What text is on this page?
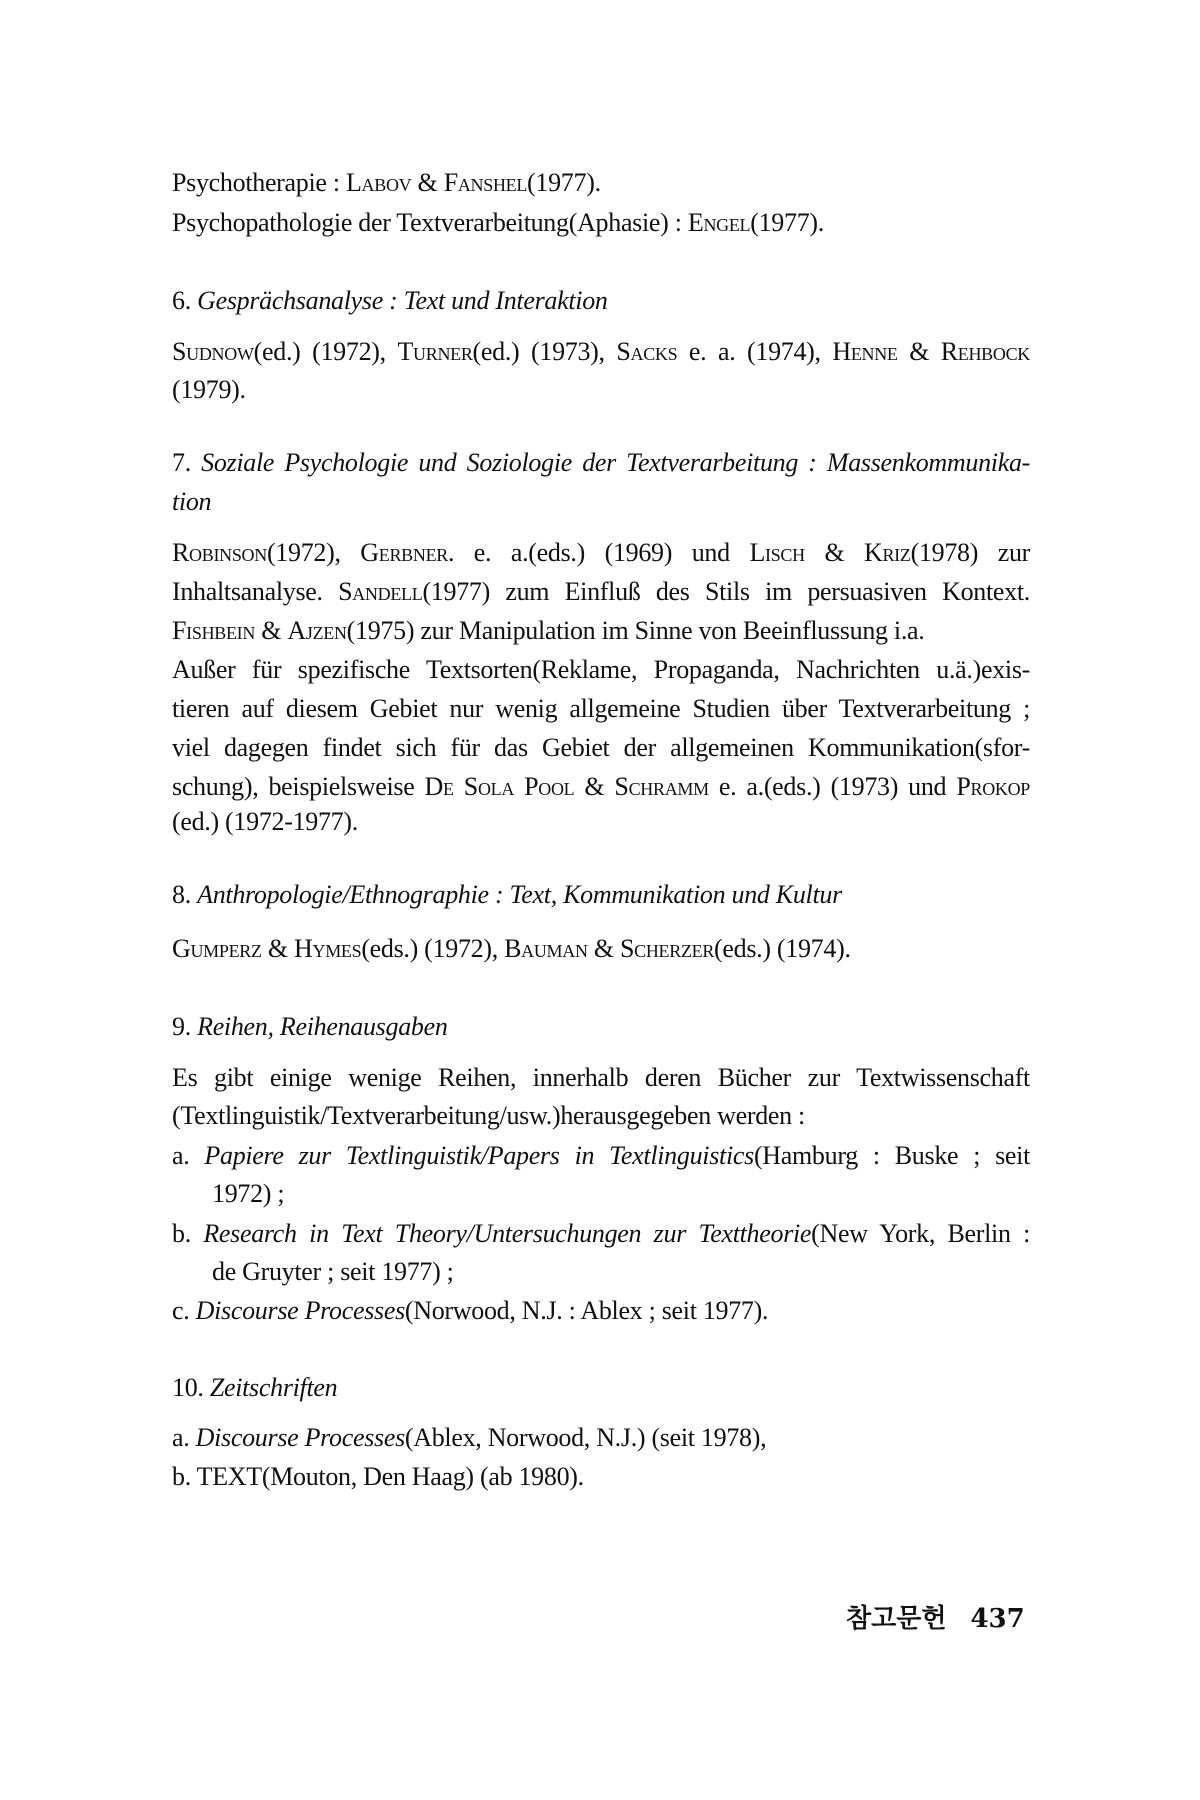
Psychotherapie : Labov & Fanshel(1977).
Psychopathologie der Textverarbeitung(Aphasie) : Engel(1977).
6. Gesprächsanalyse : Text und Interaktion
Sudnow(ed.) (1972), Turner(ed.) (1973), Sacks e. a. (1974), Henne & Rehbock
(1979).
7. Soziale Psychologie und Soziologie der Textverarbeitung : Massenkommunika-
tion
Robinson(1972), Gerbner. e. a.(eds.) (1969) und Lisch & Kriz(1978) zur
Inhaltsanalyse. Sandell(1977) zum Einfluß des Stils im persuasiven Kontext.
Fishbein & Ajzen(1975) zur Manipulation im Sinne von Beeinflussung i.a.
Außer für spezifische Textsorten(Reklame, Propaganda, Nachrichten u.ä.)exis-
tieren auf diesem Gebiet nur wenig allgemeine Studien über Textverarbeitung ;
viel dagegen findet sich für das Gebiet der allgemeinen Kommunikation(sfor-
schung), beispielsweise De Sola Pool & Schramm e. a.(eds.) (1973) und Prokop
(ed.) (1972-1977).
8. Anthropologie/Ethnographie : Text, Kommunikation und Kultur
Gumperz & Hymes(eds.) (1972), Bauman & Scherzer(eds.) (1974).
9. Reihen, Reihenausgaben
Es gibt einige wenige Reihen, innerhalb deren Bücher zur Textwissenschaft
(Textlinguistik/Textverarbeitung/usw.)herausgegeben werden :
a. Papiere zur Textlinguistik/Papers in Textlinguistics(Hamburg : Buske ; seit
1972) ;
b. Research in Text Theory/Untersuchungen zur Texttheorie(New York, Berlin :
de Gruyter ; seit 1977) ;
c. Discourse Processes(Norwood, N.J. : Ablex ; seit 1977).
10. Zeitschriften
a. Discourse Processes(Ablex, Norwood, N.J.) (seit 1978),
b. TEXT(Mouton, Den Haag) (ab 1980).
참고문헌 437
